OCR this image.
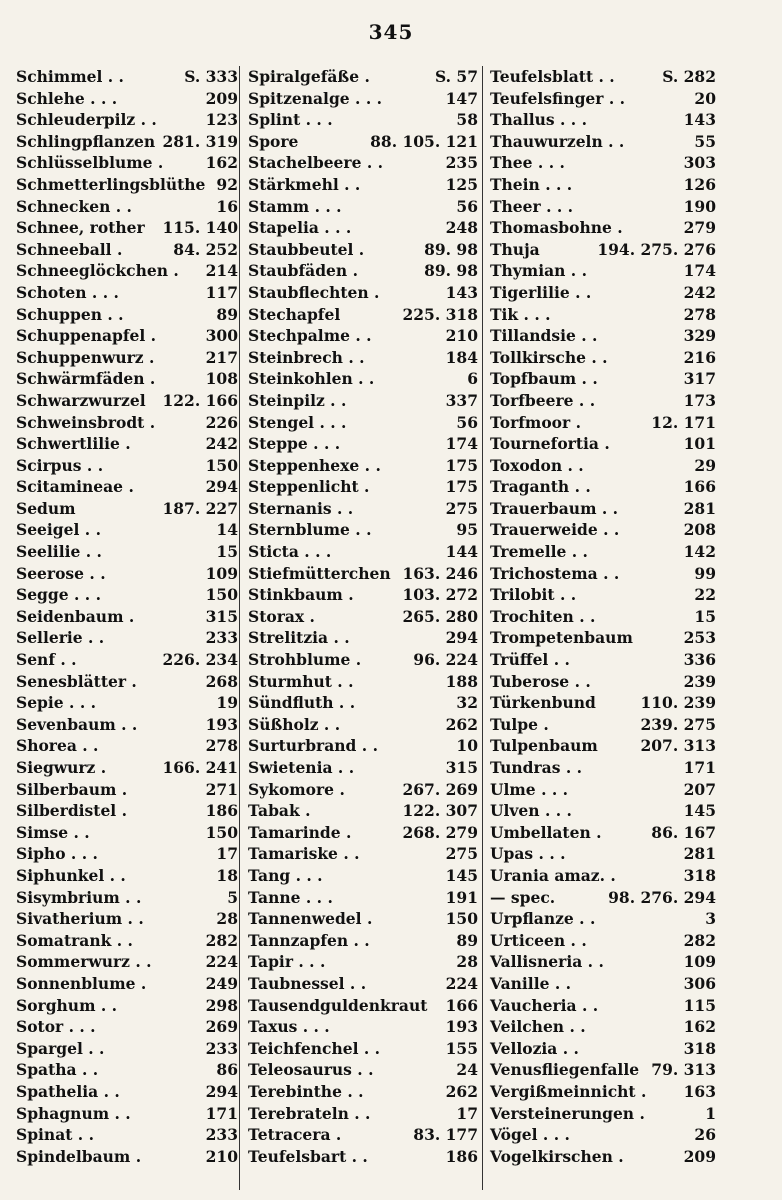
345
Schimmel . .	S. 333
Schlehe . . .	209
Schleuderpilz . .	123
Schlingpflanzen 281. 319
Schlüsselblume .	162
Schmetterlingsblüthe 92
Schnecken . .	16
Schnee, rother 115. 140
Schneeball .	84. 252
Schneeglöckchen . 214
Schoten . . .	117
Schuppen . .	89
Schuppenapfel .	300
Schuppenwurz .	217
Schwärmfäden .	108
Schwarzwurzel 122. 166
Schweinsbrodt .	226
Schwertlilie .	242
Scirpus . .	150
Scitamineae .	294
Sedum	187. 227
Seeigel . .	14
Seelilie . .	15
Seerose . .	109
Segge . . .	150
Seidenbaum .	315
Sellerie . .	233
Senf . .	226. 234
Senesblätter .	268
Sepie . . .	19
Sevenbaum . .	193
Shorea . .	278
Siegwurz .	166. 241
Silberbaum .	271
Silberdistel .	186
Simse . .	150
Sipho . . .	17
Siphunkel . .	18
Sisymbrium . .	5
Sivatherium . .	28
Somatrank . .	282
Sommerwurz . .	224
Sonnenblume .	249
Sorghum . .	298
Sotor . . .	269
Spargel . .	233
Spatha . .	86
Spathelia . .	294
Sphagnum . .	171
Spinat . .	233
Spindelbaum .	210
Spiralgefäße .	S. 57
Spitzenalge . . .	147
Splint . . .	58
Spore	88. 105. 121
Stachelbeere . .	235
Stärkmehl . .	125
Stamm . . .	56
Stapelia . . .	248
Staubbeutel .	89. 98
Staubfäden .	89. 98
Staubflechten .	143
Stechapfel	225. 318
Stechpalme . .	210
Steinbrech . .	184
Steinkohlen . .	6
Steinpilz . .	337
Stengel . . .	56
Steppe . . .	174
Steppenhexe . .	175
Steppenlicht .	175
Sternanis . .	275
Sternblume . .	95
Sticta . . .	144
Stiefmütterchen 163. 246
Stinkbaum .	103. 272
Storax .	265. 280
Strelitzia . .	294
Strohblume .	96. 224
Sturmhut . .	188
Sündfluth . .	32
Süßholz . .	262
Surturbrand . .	10
Swietenia . .	315
Sykomore .	267. 269
Tabak .	122. 307
Tamarinde .	268. 279
Tamariske . .	275
Tang . . .	145
Tanne . . .	191
Tannenwedel .	150
Tannzapfen . .	89
Tapir . . .	28
Taubnessel . .	224
Tausendguldenkraut 166
Taxus . . .	193
Teichfenchel . .	155
Teleosaurus . .	24
Terebinthe . .	262
Terebrateln . .	17
Tetracera .	83. 177
Teufelsbart . .	186
Teufelsblatt . .	S. 282
Teufelsfinger . .	20
Thallus . . .	143
Thauwurzeln . .	55
Thee . . .	303
Thein . . .	126
Theer . . .	190
Thomasbohne .	279
Thuja	194. 275. 276
Thymian . .	174
Tigerlilie . .	242
Tik . . .	278
Tillandsie . .	329
Tollkirsche . .	216
Topfbaum . .	317
Torfbeere . .	173
Torfmoor .	12. 171
Tournefortia .	101
Toxodon . .	29
Traganth . .	166
Trauerbaum . .	281
Trauerweide . .	208
Tremelle . .	142
Trichostema . .	99
Trilobit . .	22
Trochiten . .	15
Trompetenbaum	253
Trüffel . .	336
Tuberose . .	239
Türkenbund	110. 239
Tulpe .	239. 275
Tulpenbaum	207. 313
Tundras . .	171
Ulme . . .	207
Ulven . . .	145
Umbellaten .	86. 167
Upas . . .	281
Urania amaz. .	318
— spec.	98. 276. 294
Urpflanze . .	3
Urticeen . .	282
Vallisneria . .	109
Vanille . .	306
Vaucheria . .	115
Veilchen . .	162
Vellozia . .	318
Venusfliegenfalle 79. 313
Vergißmeinnicht . 163
Versteinerungen .	1
Vögel . . .	26
Vogelkirschen .	209
